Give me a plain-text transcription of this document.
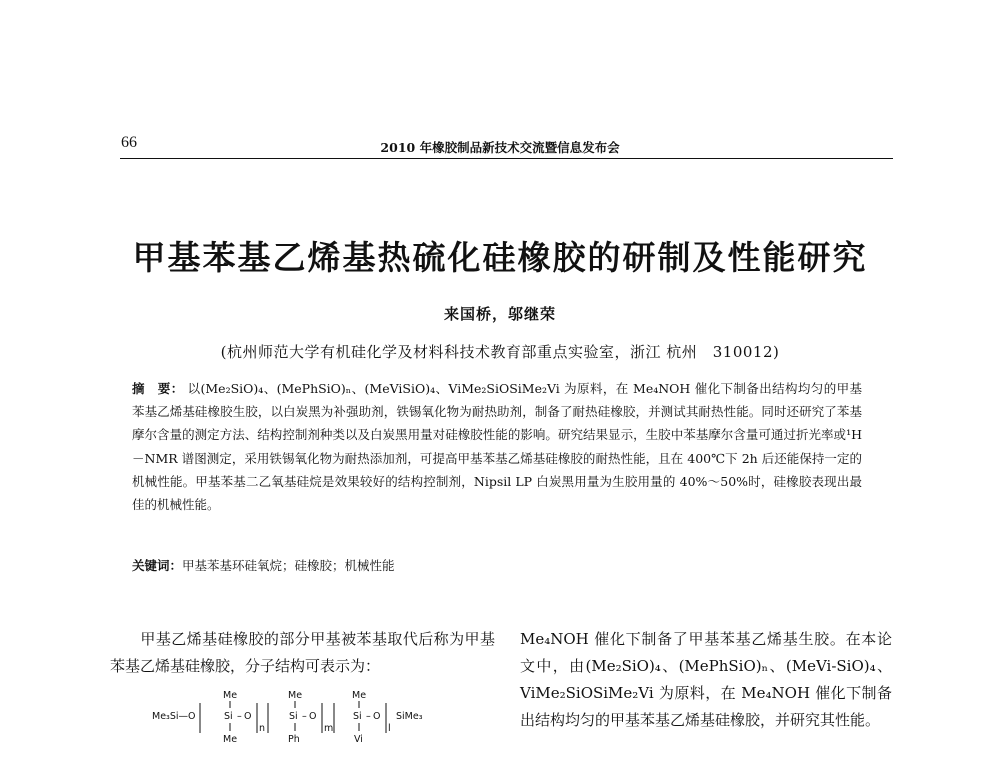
66	2010 年橡胶制品新技术交流暨信息发布会
甲基苯基乙烯基热硫化硅橡胶的研制及性能研究
来国桥，邬继荣
(杭州师范大学有机硅化学及材料科技术教育部重点实验室，浙江 杭州　310012)
摘　要： 以(Me₂SiO)₄、(MePhSiO)ₙ、(MeViSiO)₄、ViMe₂SiOSiMe₂Vi 为原料，在 Me₄NOH 催化下制备出结构均匀的甲基苯基乙烯基硅橡胶生胶，以白炭黑为补强助剂，铁锡氧化物为耐热助剂，制备了耐热硅橡胶，并测试其耐热性能。同时还研究了苯基摩尔含量的测定方法、结构控制剂种类以及白炭黑用量对硅橡胶性能的影响。研究结果显示，生胶中苯基摩尔含量可通过折光率或¹H－NMR 谱图测定，采用铁锡氧化物为耐热添加剂，可提高甲基苯基乙烯基硅橡胶的耐热性能，且在 400℃下 2h 后还能保持一定的机械性能。甲基苯基二乙氧基硅烷是效果较好的结构控制剂，Nipsil LP 白炭黑用量为生胶用量的 40%～50%时，硅橡胶表现出最佳的机械性能。
关键词：甲基苯基环硅氧烷；硅橡胶；机械性能
甲基乙烯基硅橡胶的部分甲基被苯基取代后称为甲基苯基乙烯基硅橡胶，分子结构可表示为：
Me₃Si—O
Me
Si – O
Me
n
Me
Si – O
Ph
m
Me
Si – O
Vi
l
SiMe₃
Me₄NOH 催化下制备了甲基苯基乙烯基生胶。在本论文中，由(Me₂SiO)₄、(MePhSiO)ₙ、(MeVi-SiO)₄、ViMe₂SiOSiMe₂Vi 为原料，在 Me₄NOH 催化下制备出结构均匀的甲基苯基乙烯基硅橡胶，并研究其性能。
